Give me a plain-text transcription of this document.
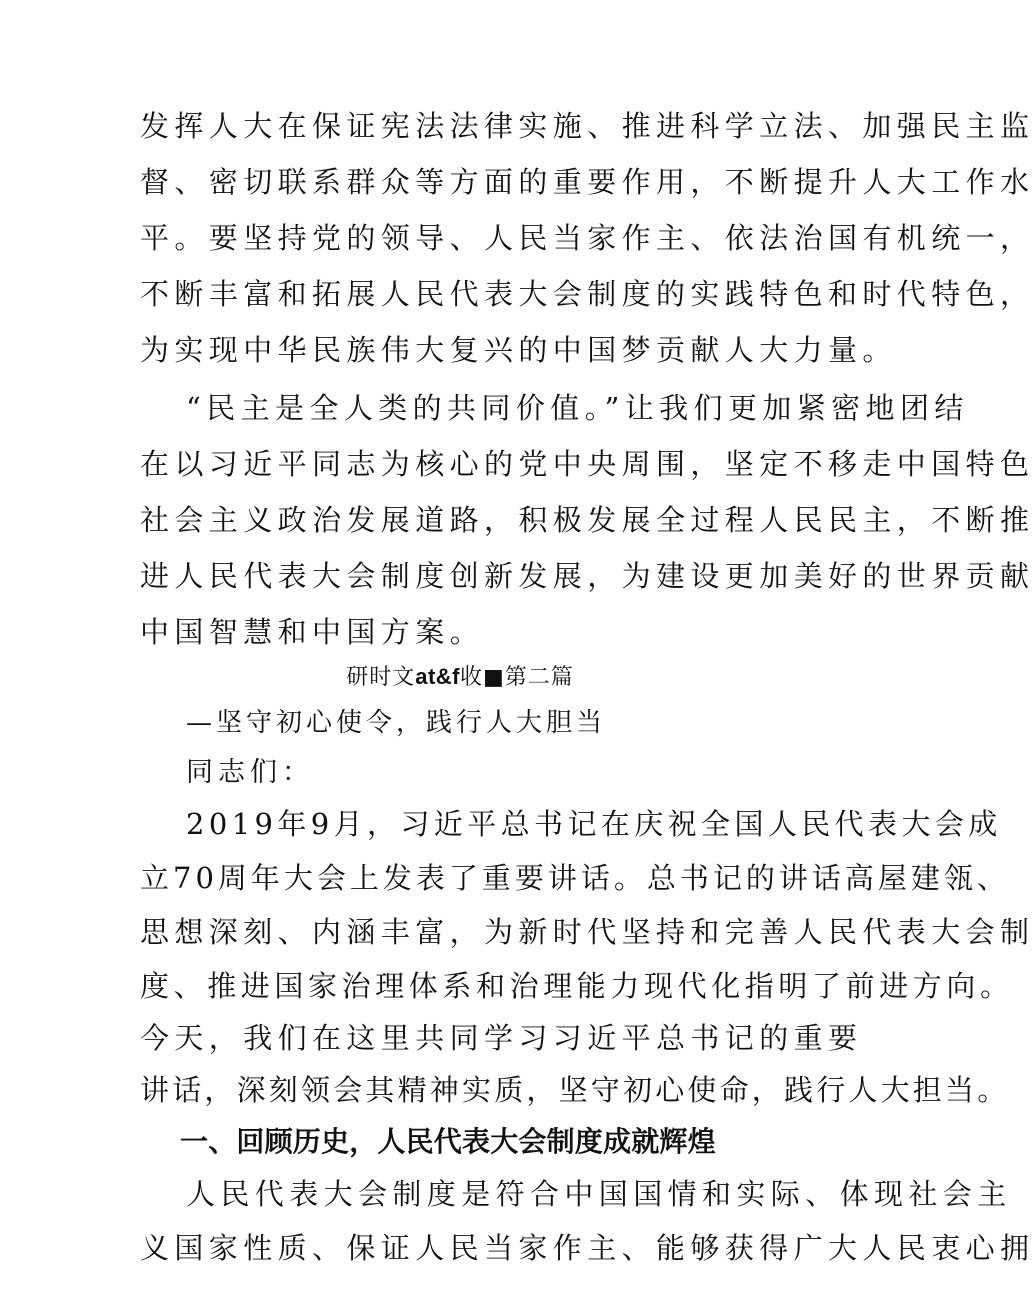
发挥人大在保证宪法法律实施、推进科学立法、加强民主监
督、密切联系群众等方面的重要作用，不断提升人大工作水
平。要坚持党的领导、人民当家作主、依法治国有机统一，
不断丰富和拓展人民代表大会制度的实践特色和时代特色，
为实现中华民族伟大复兴的中国梦贡献人大力量。
“民主是全人类的共同价值。”让我们更加紧密地团结
在以习近平同志为核心的党中央周围，坚定不移走中国特色
社会主义政治发展道路，积极发展全过程人民民主，不断推
进人民代表大会制度创新发展，为建设更加美好的世界贡献
中国智慧和中国方案。
研时文at&f收■第二篇
—坚守初心使令，践行人大胆当
同志们：
2019年9月，习近平总书记在庆祝全国人民代表大会成
立70周年大会上发表了重要讲话。总书记的讲话高屋建瓴、
思想深刻、内涵丰富，为新时代坚持和完善人民代表大会制
度、推进国家治理体系和治理能力现代化指明了前进方向。
今天，我们在这里共同学习习近平总书记的重要
讲话，深刻领会其精神实质，坚守初心使命，践行人大担当。
一、回顾历史，人民代表大会制度成就辉煌
人民代表大会制度是符合中国国情和实际、体现社会主
义国家性质、保证人民当家作主、能够获得广大人民衷心拥
